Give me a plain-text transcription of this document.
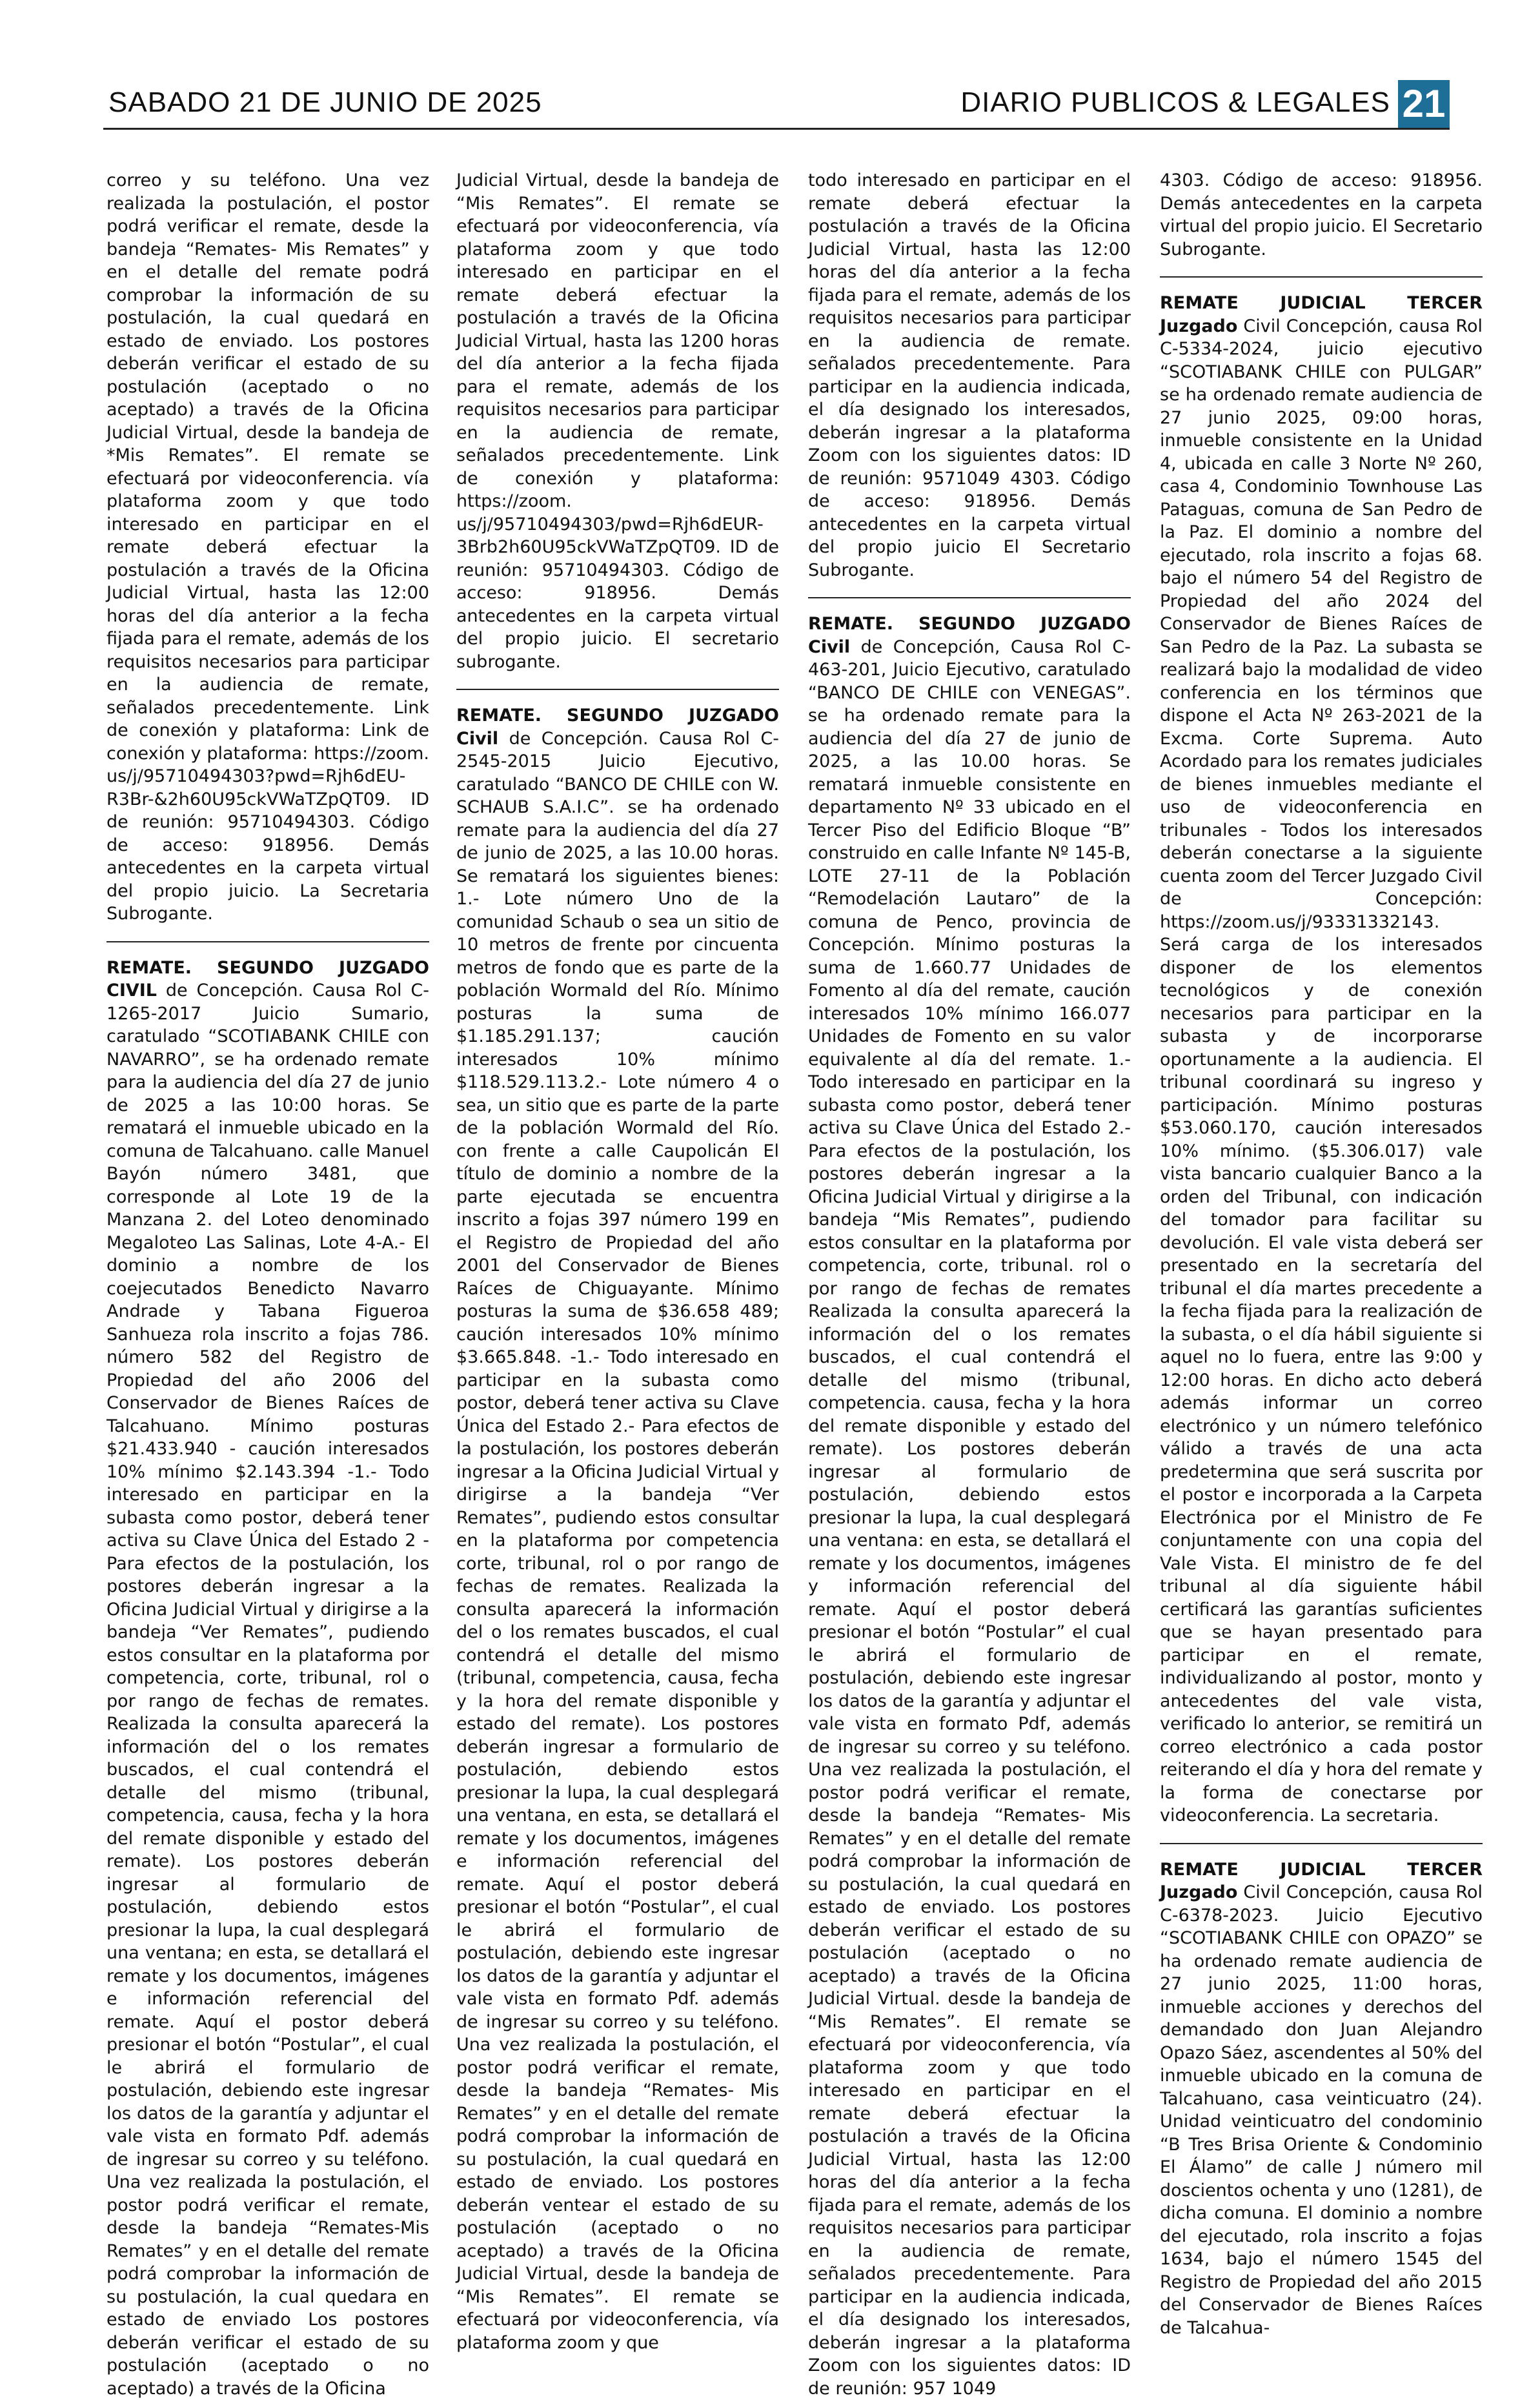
SABADO 21 DE JUNIO DE 2025	DIARIO PUBLICOS & LEGALES 21

correo y su teléfono. Una vez realizada la postulación, el postor podrá verificar el remate, desde la bandeja “Remates- Mis Remates” y en el detalle del remate podrá comprobar la información de su postulación, la cual quedará en estado de enviado. Los postores deberán verificar el estado de su postulación (aceptado o no aceptado) a través de la Oficina Judicial Virtual, desde la bandeja de *Mis Remates”. El remate se efectuará por videoconferencia. vía plataforma zoom y que todo interesado en participar en el remate deberá efectuar la postulación a través de la Oficina Judicial Virtual, hasta las 12:00 horas del día anterior a la fecha fijada para el remate, además de los requisitos necesarios para participar en la audiencia de remate, señalados precedentemente. Link de conexión y plataforma: Link de conexión y plataforma: https://zoom. us/j/95710494303?pwd=Rjh6dEU-R3Br-&2h60U95ckVWaTZpQT09. ID de reunión: 95710494303. Código de acceso: 918956. Demás antecedentes en la carpeta virtual del propio juicio. La Secretaria Subrogante.

REMATE. SEGUNDO JUZGADO CIVIL de Concepción. Causa Rol C-1265-2017 Juicio Sumario, caratulado “SCOTIABANK CHILE con NAVARRO”, se ha ordenado remate para la audiencia del día 27 de junio de 2025 a las 10:00 horas. Se rematará el inmueble ubicado en la comuna de Talcahuano. calle Manuel Bayón número 3481, que corresponde al Lote 19 de la Manzana 2. del Loteo denominado Megaloteo Las Salinas, Lote 4-A.- El dominio a nombre de los coejecutados Benedicto Navarro Andrade y Tabana Figueroa Sanhueza rola inscrito a fojas 786. número 582 del Registro de Propiedad del año 2006 del Conservador de Bienes Raíces de Talcahuano. Mínimo posturas $21.433.940 - caución interesados 10% mínimo $2.143.394 -1.- Todo interesado en participar en la subasta como postor, deberá tener activa su Clave Única del Estado 2 -Para efectos de la postulación, los postores deberán ingresar a la Oficina Judicial Virtual y dirigirse a la bandeja “Ver Remates”, pudiendo estos consultar en la plataforma por competencia, corte, tribunal, rol o por rango de fechas de remates. Realizada la consulta aparecerá la información del o los remates buscados, el cual contendrá el detalle del mismo (tribunal, competencia, causa, fecha y la hora del remate disponible y estado del remate). Los postores deberán ingresar al formulario de postulación, debiendo estos presionar la lupa, la cual desplegará una ventana; en esta, se detallará el remate y los documentos, imágenes e información referencial del remate. Aquí el postor deberá presionar el botón “Postular”, el cual le abrirá el formulario de postulación, debiendo este ingresar los datos de la garantía y adjuntar el vale vista en formato Pdf. además de ingresar su correo y su teléfono. Una vez realizada la postulación, el postor podrá verificar el remate, desde la bandeja “Remates-Mis Remates” y en el detalle del remate podrá comprobar la información de su postulación, la cual quedara en estado de enviado Los postores deberán verificar el estado de su postulación (aceptado o no aceptado) a través de la Oficina

Judicial Virtual, desde la bandeja de “Mis Remates”. El remate se efectuará por videoconferencia, vía plataforma zoom y que todo interesado en participar en el remate deberá efectuar la postulación a través de la Oficina Judicial Virtual, hasta las 1200 horas del día anterior a la fecha fijada para el remate, además de los requisitos necesarios para participar en la audiencia de remate, señalados precedentemente. Link de conexión y plataforma: https://zoom. us/j/95710494303/pwd=Rjh6dEUR-3Brb2h60U95ckVWaTZpQT09. ID de reunión: 95710494303. Código de acceso: 918956. Demás antecedentes en la carpeta virtual del propio juicio. El secretario subrogante.

REMATE. SEGUNDO JUZGADO Civil de Concepción. Causa Rol C-2545-2015 Juicio Ejecutivo, caratulado “BANCO DE CHILE con W. SCHAUB S.A.I.C”. se ha ordenado remate para la audiencia del día 27 de junio de 2025, a las 10.00 horas. Se rematará los siguientes bienes: 1.- Lote número Uno de la comunidad Schaub o sea un sitio de 10 metros de frente por cincuenta metros de fondo que es parte de la población Wormald del Río. Mínimo posturas la suma de $1.185.291.137; caución interesados 10% mínimo $118.529.113.2.- Lote número 4 o sea, un sitio que es parte de la parte de la población Wormald del Río. con frente a calle Caupolicán El título de dominio a nombre de la parte ejecutada se encuentra inscrito a fojas 397 número 199 en el Registro de Propiedad del año 2001 del Conservador de Bienes Raíces de Chiguayante. Mínimo posturas la suma de $36.658 489; caución interesados 10% mínimo $3.665.848. -1.- Todo interesado en participar en la subasta como postor, deberá tener activa su Clave Única del Estado 2.- Para efectos de la postulación, los postores deberán ingresar a la Oficina Judicial Virtual y dirigirse a la bandeja “Ver Remates”, pudiendo estos consultar en la plataforma por competencia corte, tribunal, rol o por rango de fechas de remates. Realizada la consulta aparecerá la información del o los remates buscados, el cual contendrá el detalle del mismo (tribunal, competencia, causa, fecha y la hora del remate disponible y estado del remate). Los postores deberán ingresar a formulario de postulación, debiendo estos presionar la lupa, la cual desplegará una ventana, en esta, se detallará el remate y los documentos, imágenes e información referencial del remate. Aquí el postor deberá presionar el botón “Postular”, el cual le abrirá el formulario de postulación, debiendo este ingresar los datos de la garantía y adjuntar el vale vista en formato Pdf. además de ingresar su correo y su teléfono. Una vez realizada la postulación, el postor podrá verificar el remate, desde la bandeja “Remates- Mis Remates” y en el detalle del remate podrá comprobar la información de su postulación, la cual quedará en estado de enviado. Los postores deberán ventear el estado de su postulación (aceptado o no aceptado) a través de la Oficina Judicial Virtual, desde la bandeja de “Mis Remates”. El remate se efectuará por videoconferencia, vía plataforma zoom y que

todo interesado en participar en el remate deberá efectuar la postulación a través de la Oficina Judicial Virtual, hasta las 12:00 horas del día anterior a la fecha fijada para el remate, además de los requisitos necesarios para participar en la audiencia de remate. señalados precedentemente. Para participar en la audiencia indicada, el día designado los interesados, deberán ingresar a la plataforma Zoom con los siguientes datos: ID de reunión: 9571049 4303. Código de acceso: 918956. Demás antecedentes en la carpeta virtual del propio juicio El Secretario Subrogante.

REMATE. SEGUNDO JUZGADO Civil de Concepción, Causa Rol C-463-201, Juicio Ejecutivo, caratulado “BANCO DE CHILE con VENEGAS”. se ha ordenado remate para la audiencia del día 27 de junio de 2025, a las 10.00 horas. Se rematará inmueble consistente en departamento Nº 33 ubicado en el Tercer Piso del Edificio Bloque “B” construido en calle Infante Nº 145-B, LOTE 27-11 de la Población “Remodelación Lautaro” de la comuna de Penco, provincia de Concepción. Mínimo posturas la suma de 1.660.77 Unidades de Fomento al día del remate, caución interesados 10% mínimo 166.077 Unidades de Fomento en su valor equivalente al día del remate. 1.-Todo interesado en participar en la subasta como postor, deberá tener activa su Clave Única del Estado 2.- Para efectos de la postulación, los postores deberán ingresar a la Oficina Judicial Virtual y dirigirse a la bandeja “Mis Remates”, pudiendo estos consultar en la plataforma por competencia, corte, tribunal. rol o por rango de fechas de remates Realizada la consulta aparecerá la información del o los remates buscados, el cual contendrá el detalle del mismo (tribunal, competencia. causa, fecha y la hora del remate disponible y estado del remate). Los postores deberán ingresar al formulario de postulación, debiendo estos presionar la lupa, la cual desplegará una ventana: en esta, se detallará el remate y los documentos, imágenes y información referencial del remate. Aquí el postor deberá presionar el botón “Postular” el cual le abrirá el formulario de postulación, debiendo este ingresar los datos de la garantía y adjuntar el vale vista en formato Pdf, además de ingresar su correo y su teléfono. Una vez realizada la postulación, el postor podrá verificar el remate, desde la bandeja “Remates- Mis Remates” y en el detalle del remate podrá comprobar la información de su postulación, la cual quedará en estado de enviado. Los postores deberán verificar el estado de su postulación (aceptado o no aceptado) a través de la Oficina Judicial Virtual. desde la bandeja de “Mis Remates”. El remate se efectuará por videoconferencia, vía plataforma zoom y que todo interesado en participar en el remate deberá efectuar la postulación a través de la Oficina Judicial Virtual, hasta las 12:00 horas del día anterior a la fecha fijada para el remate, además de los requisitos necesarios para participar en la audiencia de remate, señalados precedentemente. Para participar en la audiencia indicada, el día designado los interesados, deberán ingresar a la plataforma Zoom con los siguientes datos: ID de reunión: 957 1049

4303. Código de acceso: 918956. Demás antecedentes en la carpeta virtual del propio juicio. El Secretario Subrogante.

REMATE JUDICIAL TERCER Juzgado Civil Concepción, causa Rol C-5334-2024, juicio ejecutivo “SCOTIABANK CHILE con PULGAR” se ha ordenado remate audiencia de 27 junio 2025, 09:00 horas, inmueble consistente en la Unidad 4, ubicada en calle 3 Norte Nº 260, casa 4, Condominio Townhouse Las Pataguas, comuna de San Pedro de la Paz. El dominio a nombre del ejecutado, rola inscrito a fojas 68. bajo el número 54 del Registro de Propiedad del año 2024 del Conservador de Bienes Raíces de San Pedro de la Paz. La subasta se realizará bajo la modalidad de video conferencia en los términos que dispone el Acta Nº 263-2021 de la Excma. Corte Suprema. Auto Acordado para los remates judiciales de bienes inmuebles mediante el uso de videoconferencia en tribunales - Todos los interesados deberán conectarse a la siguiente cuenta zoom del Tercer Juzgado Civil de Concepción: https://zoom.us/j/93331332143. Será carga de los interesados disponer de los elementos tecnológicos y de conexión necesarios para participar en la subasta y de incorporarse oportunamente a la audiencia. El tribunal coordinará su ingreso y participación. Mínimo posturas $53.060.170, caución interesados 10% mínimo. ($5.306.017) vale vista bancario cualquier Banco a la orden del Tribunal, con indicación del tomador para facilitar su devolución. El vale vista deberá ser presentado en la secretaría del tribunal el día martes precedente a la fecha fijada para la realización de la subasta, o el día hábil siguiente si aquel no lo fuera, entre las 9:00 y 12:00 horas. En dicho acto deberá además informar un correo electrónico y un número telefónico válido a través de una acta predetermina que será suscrita por el postor e incorporada a la Carpeta Electrónica por el Ministro de Fe conjuntamente con una copia del Vale Vista. El ministro de fe del tribunal al día siguiente hábil certificará las garantías suficientes que se hayan presentado para participar en el remate, individualizando al postor, monto y antecedentes del vale vista, verificado lo anterior, se remitirá un correo electrónico a cada postor reiterando el día y hora del remate y la forma de conectarse por videoconferencia. La secretaria.

REMATE JUDICIAL TERCER Juzgado Civil Concepción, causa Rol C-6378-2023. Juicio Ejecutivo “SCOTIABANK CHILE con OPAZO” se ha ordenado remate audiencia de 27 junio 2025, 11:00 horas, inmueble acciones y derechos del demandado don Juan Alejandro Opazo Sáez, ascendentes al 50% del inmueble ubicado en la comuna de Talcahuano, casa veinticuatro (24). Unidad veinticuatro del condominio “B Tres Brisa Oriente & Condominio El Álamo” de calle J número mil doscientos ochenta y uno (1281), de dicha comuna. El dominio a nombre del ejecutado, rola inscrito a fojas 1634, bajo el número 1545 del Registro de Propiedad del año 2015 del Conservador de Bienes Raíces de Talcahua-
